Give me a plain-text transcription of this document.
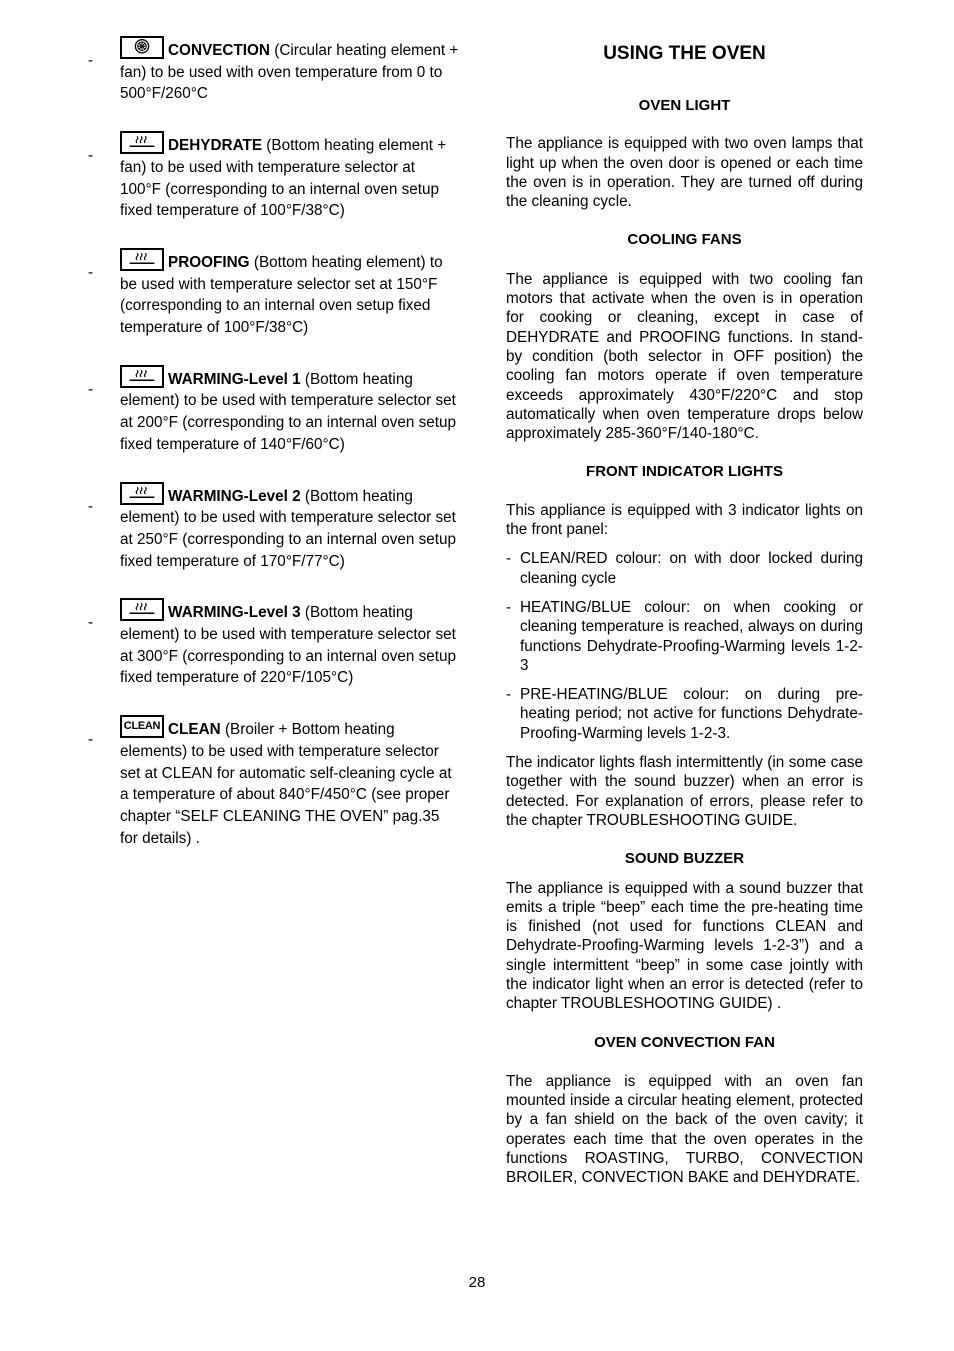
-
CONVECTION (Circular heating element + fan) to be used with oven temperature from 0 to 500°F/260°C
-
DEHYDRATE (Bottom heating element + fan) to be used with temperature selector at 100°F (corresponding to an internal oven setup fixed temperature of 100°F/38°C)
-
PROOFING (Bottom heating element) to be used with temperature selector set at 150°F (corresponding to an internal oven setup fixed temperature of 100°F/38°C)
-
WARMING-Level 1 (Bottom heating element) to be used with temperature selector set at 200°F (corresponding to an internal oven setup fixed temperature of 140°F/60°C)
-
WARMING-Level 2 (Bottom heating element) to be used with temperature selector set at 250°F (corresponding to an internal oven setup fixed temperature of 170°F/77°C)
-
WARMING-Level 3 (Bottom heating element) to be used with temperature selector set at 300°F (corresponding to an internal oven setup fixed temperature of 220°F/105°C)
-
CLEAN CLEAN (Broiler + Bottom heating elements) to be used with temperature selector set at CLEAN for automatic self-cleaning cycle at a temperature of about 840°F/450°C (see proper chapter “SELF CLEANING THE OVEN” pag.35 for details) .
USING THE OVEN
OVEN LIGHT

The appliance is equipped with two oven lamps that light up when the oven door is opened or each time the oven is in operation. They are turned off during the cleaning cycle.

COOLING FANS

The appliance is equipped with two cooling fan motors that activate when the oven is in operation for cooking or cleaning, except in case of DEHYDRATE and PROOFING functions. In stand-by condition (both selector in OFF position) the cooling fan motors operate if oven temperature exceeds approximately 430°F/220°C and stop automatically when oven temperature drops below approximately 285-360°F/140-180°C.

FRONT INDICATOR LIGHTS

This appliance is equipped with 3 indicator lights on the front panel:

- CLEAN/RED colour: on with door locked during cleaning cycle
- HEATING/BLUE colour: on when cooking or cleaning temperature is reached, always on during functions Dehydrate-Proofing-Warming levels 1-2-3
- PRE-HEATING/BLUE colour: on during pre-heating period; not active for functions Dehydrate-Proofing-Warming levels 1-2-3.

The indicator lights flash intermittently (in some case together with the sound buzzer) when an error is detected. For explanation of errors, please refer to the chapter TROUBLESHOOTING GUIDE.

SOUND BUZZER

The appliance is equipped with a sound buzzer that emits a triple “beep” each time the pre-heating time is finished (not used for functions CLEAN and Dehydrate-Proofing-Warming levels 1-2-3”) and a single intermittent “beep” in some case jointly with the indicator light when an error is detected (refer to chapter TROUBLESHOOTING GUIDE) .

OVEN CONVECTION FAN

The appliance is equipped with an oven fan mounted inside a circular heating element, protected by a fan shield on the back of the oven cavity; it operates each time that the oven operates in the functions ROASTING, TURBO, CONVECTION BROILER, CONVECTION BAKE and DEHYDRATE.

28
